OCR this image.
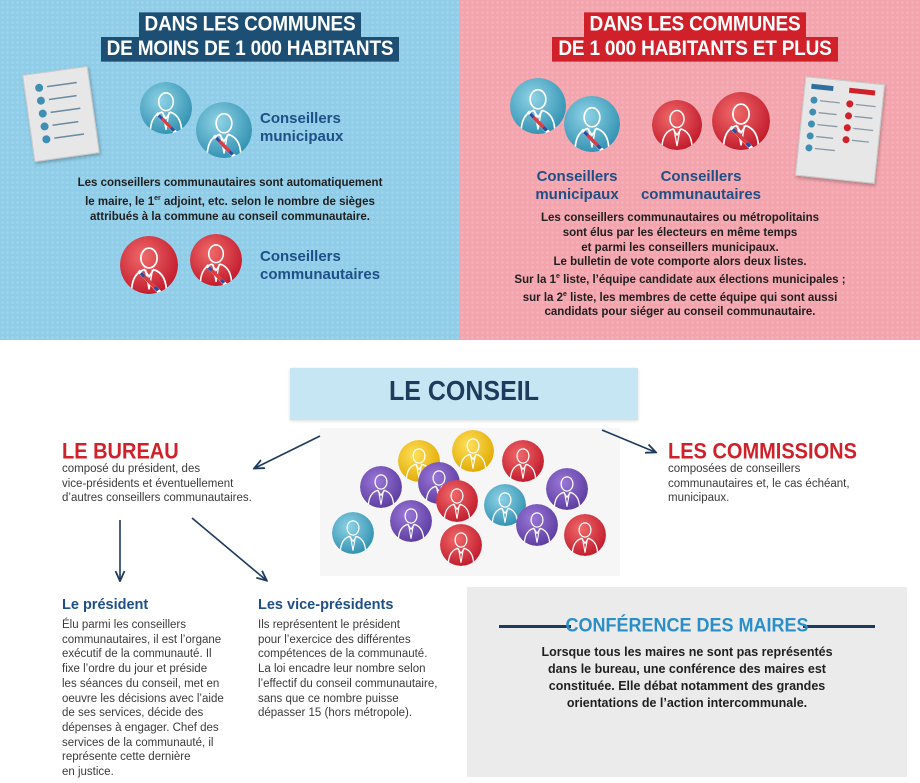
DANS LES COMMUNES
DE MOINS DE 1 000 HABITANTS
Conseillers
municipaux
Les conseillers communautaires sont automatiquement
le maire, le 1er adjoint, etc. selon le nombre de sièges
attribués à la commune au conseil communautaire.
Conseillers
communautaires
DANS LES COMMUNES
DE 1 000 HABITANTS ET PLUS
Conseillers
municipaux
Conseillers
communautaires
Les conseillers communautaires ou métropolitains
sont élus par les électeurs en même temps
et parmi les conseillers municipaux.
Le bulletin de vote comporte alors deux listes.
Sur la 1e liste, l’équipe candidate aux élections municipales ;
sur la 2e liste, les membres de cette équipe qui sont aussi
candidats pour siéger au conseil communautaire.
LE CONSEIL
LE BUREAU
composé du président, des
vice-présidents et éventuellement
d’autres conseillers communautaires.
LES COMMISSIONS
composées de conseillers
communautaires et, le cas échéant,
municipaux.
Le président
Élu parmi les conseillers
communautaires, il est l’organe
exécutif de la communauté. Il
fixe l’ordre du jour et préside
les séances du conseil, met en
oeuvre les décisions avec l’aide
de ses services, décide des
dépenses à engager. Chef des
services de la communauté, il
représente cette dernière
en justice.
Les vice-présidents
Ils représentent le président
pour l’exercice des différentes
compétences de la communauté.
La loi encadre leur nombre selon
l’effectif du conseil communautaire,
sans que ce nombre puisse
dépasser 15 (hors métropole).
CONFÉRENCE DES MAIRES
Lorsque tous les maires ne sont pas représentés
dans le bureau, une conférence des maires est
constituée. Elle débat notamment des grandes
orientations de l’action intercommunale.
